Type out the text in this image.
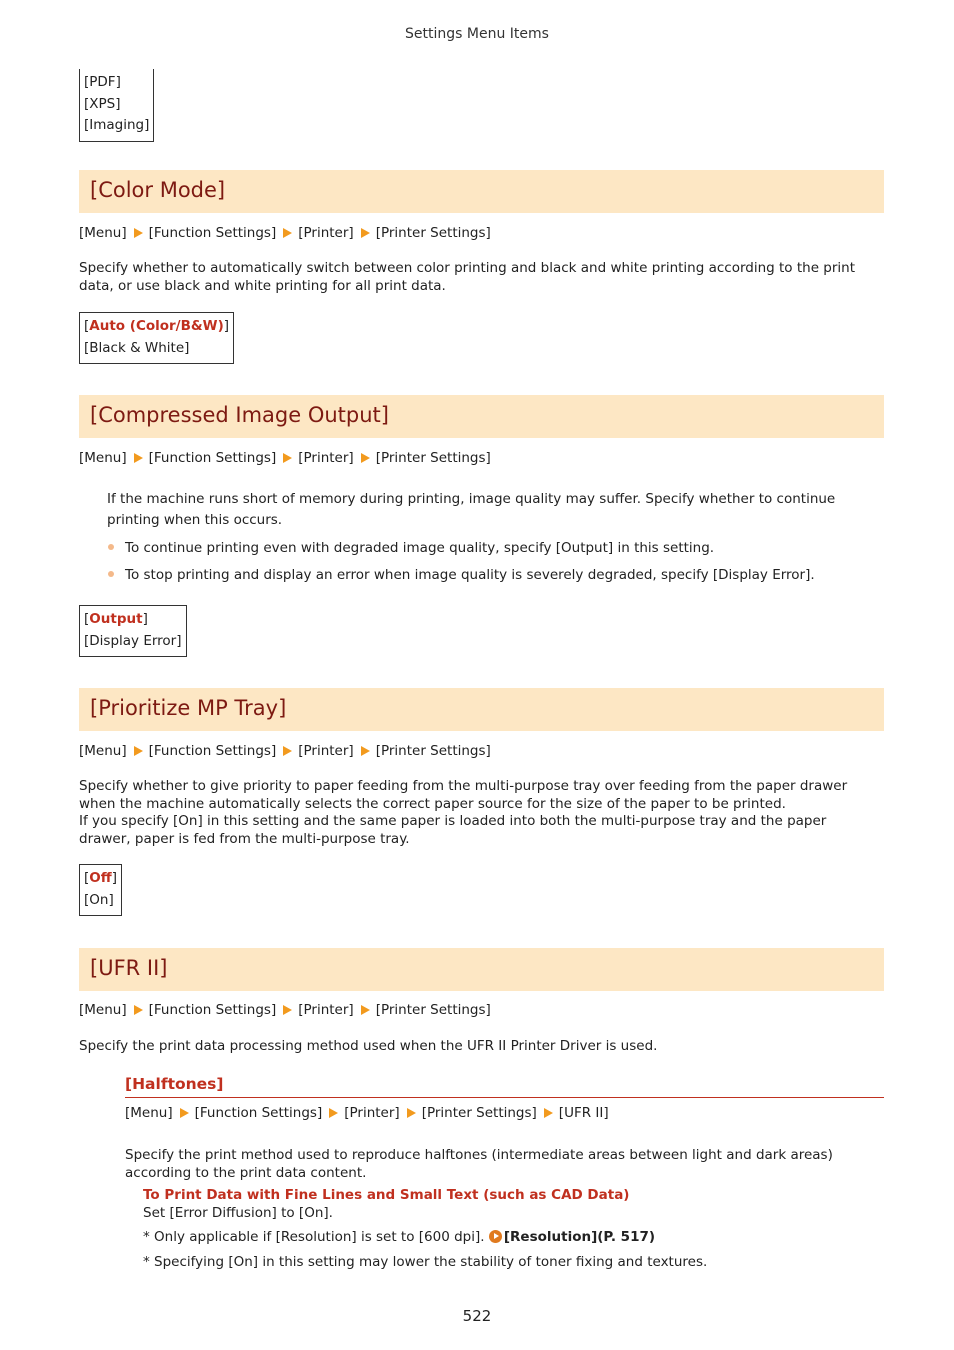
Settings Menu Items
[PDF]
[XPS]
[Imaging]
[Color Mode]
[Menu] [Function Settings] [Printer] [Printer Settings]
Specify whether to automatically switch between color printing and black and white printing according to the print data, or use black and white printing for all print data.
[Auto (Color/B&W)]
[Black & White]
[Compressed Image Output]
[Menu] [Function Settings] [Printer] [Printer Settings]
If the machine runs short of memory during printing, image quality may suffer. Specify whether to continue printing when this occurs.
To continue printing even with degraded image quality, specify [Output] in this setting.
To stop printing and display an error when image quality is severely degraded, specify [Display Error].
[Output]
[Display Error]
[Prioritize MP Tray]
[Menu] [Function Settings] [Printer] [Printer Settings]
Specify whether to give priority to paper feeding from the multi-purpose tray over feeding from the paper drawer when the machine automatically selects the correct paper source for the size of the paper to be printed.
If you specify [On] in this setting and the same paper is loaded into both the multi-purpose tray and the paper drawer, paper is fed from the multi-purpose tray.
[Off]
[On]
[UFR II]
[Menu] [Function Settings] [Printer] [Printer Settings]
Specify the print data processing method used when the UFR II Printer Driver is used.
[Halftones]
[Menu] [Function Settings] [Printer] [Printer Settings] [UFR II]
Specify the print method used to reproduce halftones (intermediate areas between light and dark areas) according to the print data content.
To Print Data with Fine Lines and Small Text (such as CAD Data)
Set [Error Diffusion] to [On].
* Only applicable if [Resolution] is set to [600 dpi]. [Resolution](P. 517)
* Specifying [On] in this setting may lower the stability of toner fixing and textures.
522
